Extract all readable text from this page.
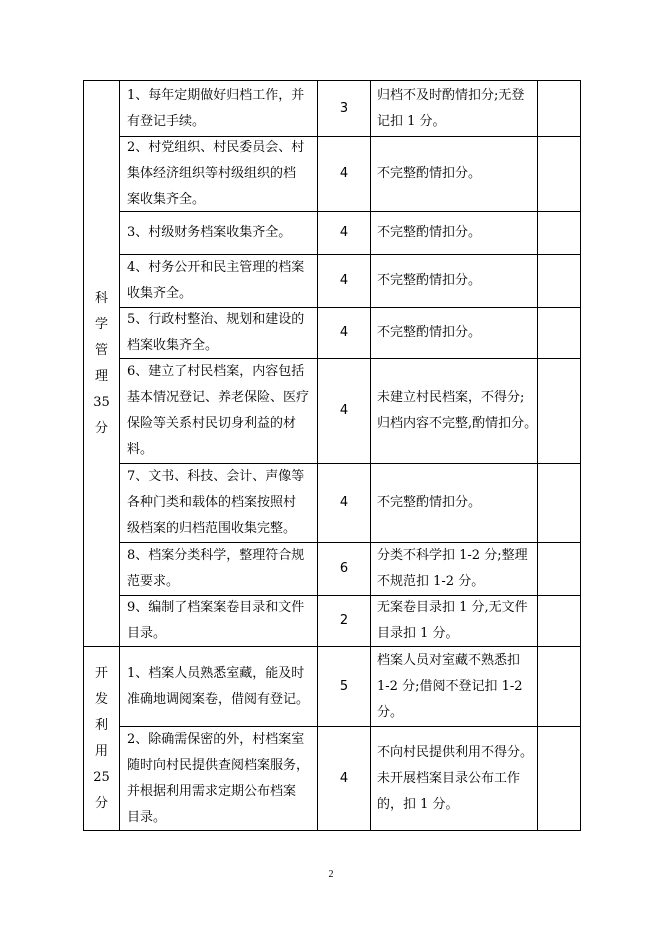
科
学
管
理
35
分
1、每年定期做好归档工作，并
有登记手续。
3
归档不及时酌情扣分;无登
记扣 1 分。
2、村党组织、村民委员会、村
集体经济组织等村级组织的档
案收集齐全。
4 不完整酌情扣分。
3、村级财务档案收集齐全。	4 不完整酌情扣分。
4、村务公开和民主管理的档案
收集齐全。
4 不完整酌情扣分。
5、行政村整治、规划和建设的
档案收集齐全。
4 不完整酌情扣分。
6、建立了村民档案，内容包括
基本情况登记、养老保险、医疗
保险等关系村民切身利益的材
料。
4
未建立村民档案，不得分;
归档内容不完整,酌情扣分。
7、文书、科技、会计、声像等
各种门类和载体的档案按照村
级档案的归档范围收集完整。
4 不完整酌情扣分。
8、档案分类科学，整理符合规
范要求。
6
分类不科学扣 1-2 分;整理
不规范扣 1-2 分。
9、编制了档案案卷目录和文件
目录。
2
无案卷目录扣 1 分,无文件
目录扣 1 分。
开
发
利
用
25
分
1、档案人员熟悉室藏，能及时
准确地调阅案卷，借阅有登记。
5
档案人员对室藏不熟悉扣
1-2 分;借阅不登记扣 1-2
分。
2、除确需保密的外，村档案室
随时向村民提供查阅档案服务，
并根据利用需求定期公布档案
目录。
4
不向村民提供利用不得分。
未开展档案目录公布工作
的，扣 1 分。
2
